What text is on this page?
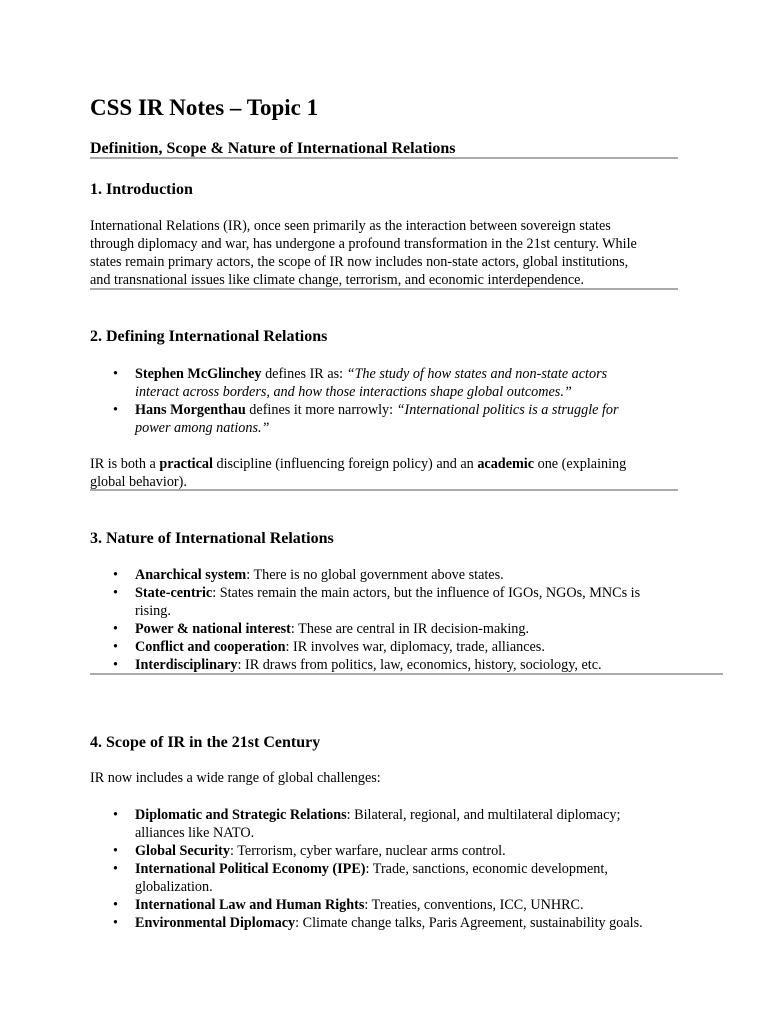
CSS IR Notes – Topic 1
Definition, Scope & Nature of International Relations
1. Introduction
International Relations (IR), once seen primarily as the interaction between sovereign states
through diplomacy and war, has undergone a profound transformation in the 21st century. While
states remain primary actors, the scope of IR now includes non-state actors, global institutions,
and transnational issues like climate change, terrorism, and economic interdependence.
2. Defining International Relations
• Stephen McGlinchey defines IR as: “The study of how states and non-state actors
interact across borders, and how those interactions shape global outcomes.”
• Hans Morgenthau defines it more narrowly: “International politics is a struggle for
power among nations.”
IR is both a practical discipline (influencing foreign policy) and an academic one (explaining
global behavior).
3. Nature of International Relations
• Anarchical system: There is no global government above states.
• State-centric: States remain the main actors, but the influence of IGOs, NGOs, MNCs is
rising.
• Power & national interest: These are central in IR decision-making.
• Conflict and cooperation: IR involves war, diplomacy, trade, alliances.
• Interdisciplinary: IR draws from politics, law, economics, history, sociology, etc.
4. Scope of IR in the 21st Century
IR now includes a wide range of global challenges:
• Diplomatic and Strategic Relations: Bilateral, regional, and multilateral diplomacy;
alliances like NATO.
• Global Security: Terrorism, cyber warfare, nuclear arms control.
• International Political Economy (IPE): Trade, sanctions, economic development,
globalization.
• International Law and Human Rights: Treaties, conventions, ICC, UNHRC.
• Environmental Diplomacy: Climate change talks, Paris Agreement, sustainability goals.
